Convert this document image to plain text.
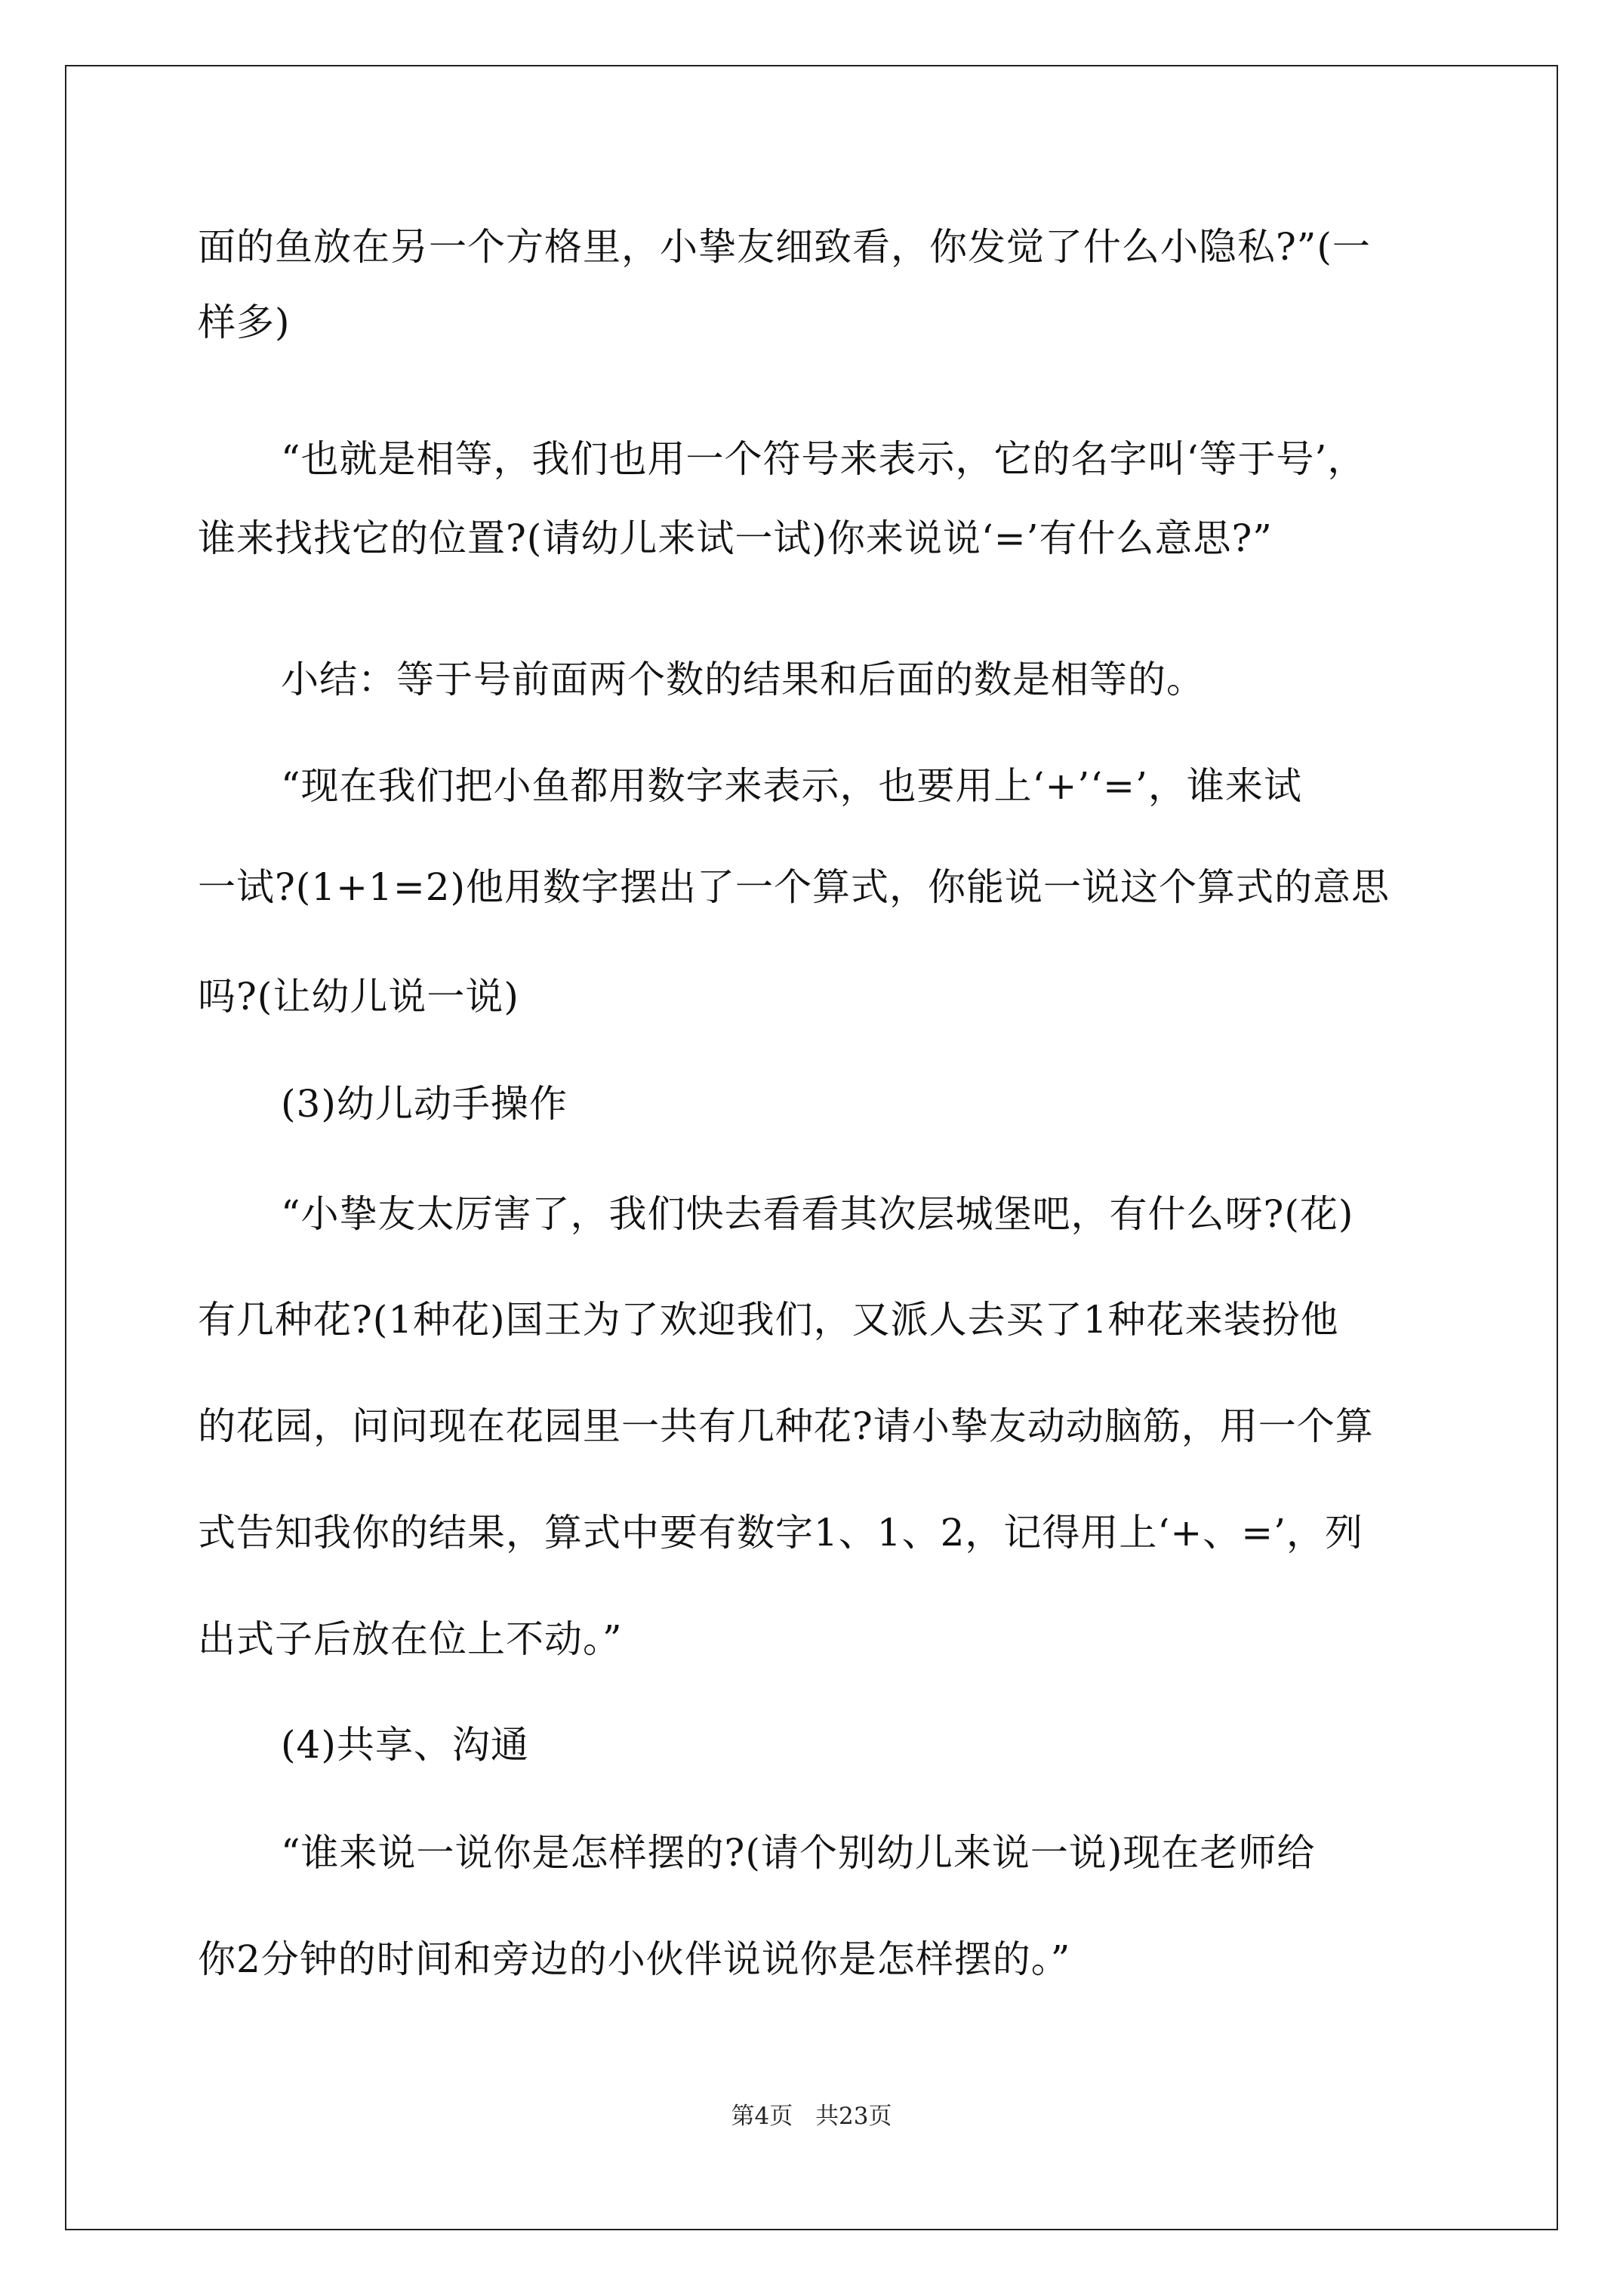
面的鱼放在另一个方格里，小挚友细致看，你发觉了什么小隐私?”(一
样多)
“也就是相等，我们也用一个符号来表示，它的名字叫‘等于号’，
谁来找找它的位置?(请幼儿来试一试)你来说说‘=’有什么意思?”
小结：等于号前面两个数的结果和后面的数是相等的。
“现在我们把小鱼都用数字来表示，也要用上‘+’‘=’，谁来试
一试?(1+1=2)他用数字摆出了一个算式，你能说一说这个算式的意思
吗?(让幼儿说一说)
(3)幼儿动手操作
“小挚友太厉害了，我们快去看看其次层城堡吧，有什么呀?(花)
有几种花?(1种花)国王为了欢迎我们，又派人去买了1种花来装扮他
的花园，问问现在花园里一共有几种花?请小挚友动动脑筋，用一个算
式告知我你的结果，算式中要有数字1、1、2，记得用上‘+、=’，列
出式子后放在位上不动。”
(4)共享、沟通
“谁来说一说你是怎样摆的?(请个别幼儿来说一说)现在老师给
你2分钟的时间和旁边的小伙伴说说你是怎样摆的。”
第4页 共23页
